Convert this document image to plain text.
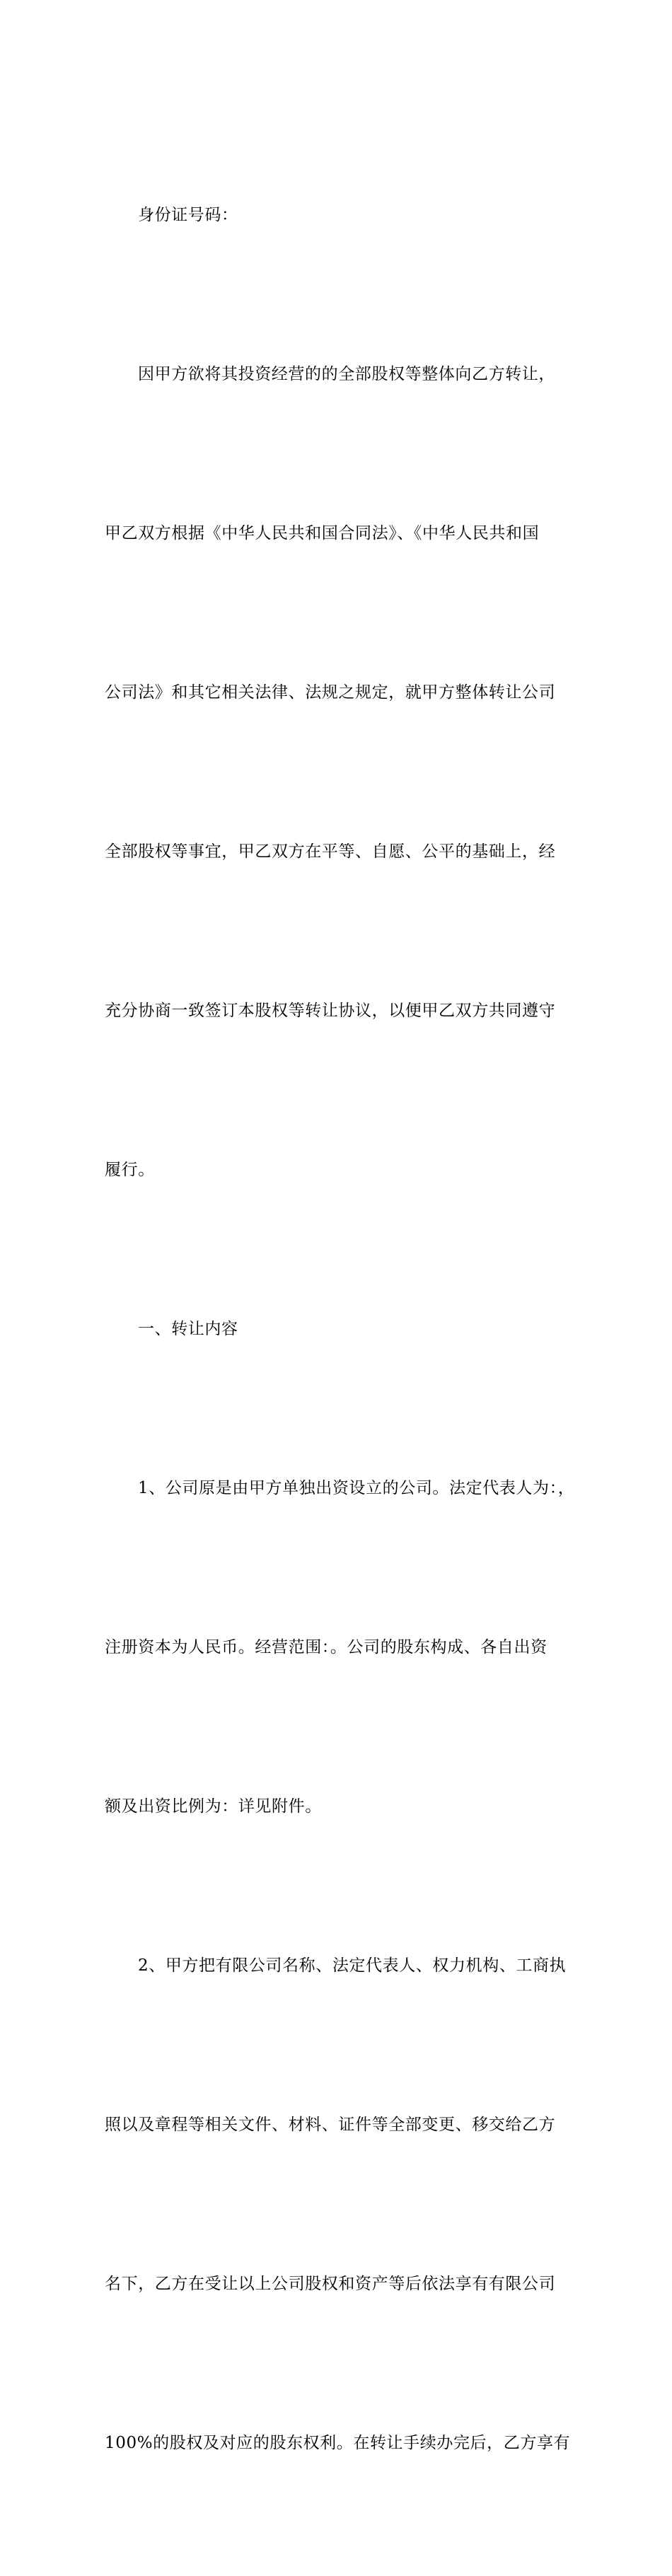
身份证号码：

因甲方欲将其投资经营的的全部股权等整体向乙方转让，

甲乙双方根据《中华人民共和国合同法》、《中华人民共和国

公司法》和其它相关法律、法规之规定，就甲方整体转让公司

全部股权等事宜，甲乙双方在平等、自愿、公平的基础上，经

充分协商一致签订本股权等转让协议，以便甲乙双方共同遵守

履行。

一、转让内容

1、公司原是由甲方单独出资设立的公司。法定代表人为：，

注册资本为人民币。经营范围：。公司的股东构成、各自出资

额及出资比例为：详见附件。

2、甲方把有限公司名称、法定代表人、权力机构、工商执

照以及章程等相关文件、材料、证件等全部变更、移交给乙方

名下，乙方在受让以上公司股权和资产等后依法享有有限公司

100%的股权及对应的股东权利。在转让手续办完后，乙方享有
